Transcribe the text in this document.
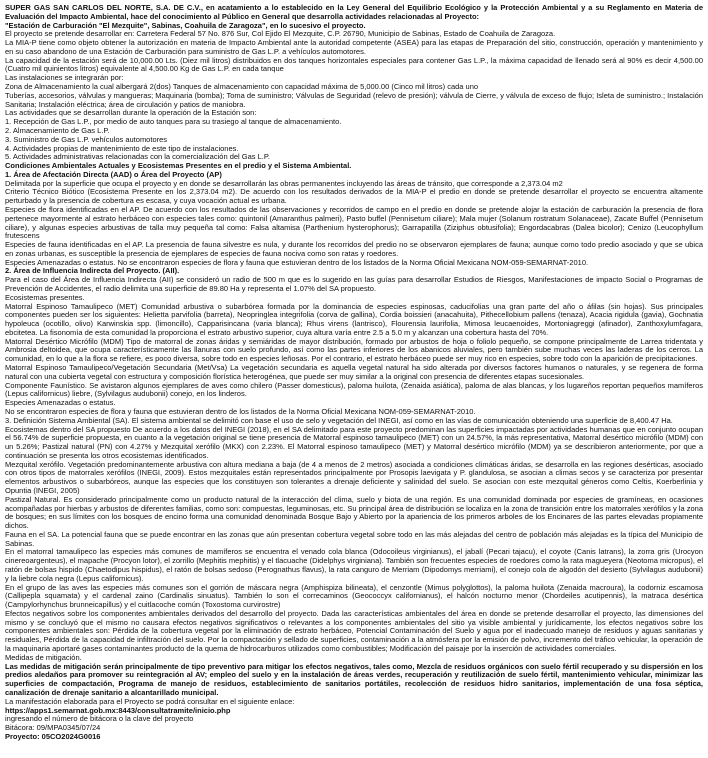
SUPER GAS SAN CARLOS DEL NORTE, S.A. DE C.V., en acatamiento a lo establecido en la Ley General del Equilibrio Ecológico y la Protección Ambiental y a su Reglamento en Materia de Evaluación del Impacto Ambiental, hace del conocimiento al Público en General que desarrolla actividades relacionadas al Proyecto:

"Estación de Carburación "El Mezquite", Sabinas, Coahuila de Zaragoza", en lo sucesivo el proyecto.

El proyecto se pretende desarrollar en: Carretera Federal 57 No. 876 Sur, Col Ejido El Mezquite, C.P. 26790, Municipio de Sabinas, Estado de Coahuila de Zaragoza.

La MIA-P tiene como objeto obtener la autorización en materia de Impacto Ambiental ante la autoridad competente (ASEA) para las etapas de Preparación del sitio, construcción, operación y mantenimiento y en su caso abandono de una Estación de Carburación para suministro de Gas L.P. a vehículos automotores.

La capacidad de la estación será de 10,000.00 Lts. (Diez mil litros) distribuidos en dos tanques horizontales especiales para contener Gas L.P., la máxima capacidad de llenado será al 90% es decir 4,500.00 (Cuatro mil quinientos litros) equivalente al 4,500.00 Kg de Gas L.P. en cada tanque

Las instalaciones se integrarán por:

Zona de Almacenamiento la cual albergará 2(dos) Tanques de almacenamiento con capacidad máxima de 5,000.00 (Cinco mil litros) cada uno

Tuberías, accesorios, válvulas y mangueras; Maquinaria (bomba); Toma de suministro; Válvulas de Seguridad (relevo de presión); válvula de Cierre, y válvula de exceso de flujo; Isleta de suministro.; Instalación Sanitaria; Instalación eléctrica; área de circulación y patios de maniobra.

Las actividades que se desarrollan durante la operación de la Estación son:

1. Recepción de Gas L.P., por medio de auto tanques para su trasiego al tanque de almacenamiento.

2. Almacenamiento de Gas L.P.

3. Suministro de Gas L.P. vehículos automotores

4. Actividades propias de mantenimiento de este tipo de instalaciones.

5. Actividades administrativas relacionadas con la comercialización del Gas L.P.

Condiciones Ambientales Actuales y Ecosistemas Presentes en el predio y el Sistema Ambiental.

1. Área de Afectación Directa (AAD) o Área del Proyecto (AP)

Delimitada por la superficie que ocupa el proyecto y en donde se desarrollarán las obras permanentes incluyendo las áreas de tránsito, que corresponde a 2,373.04 m2

Criterio Técnico Biótico (Ecosistema Presente en los 2,373.04 m2). De acuerdo con los resultados derivados de la MIA-P el predio en donde se pretende desarrollar el proyecto se encuentra altamente perturbado y la presencia de cobertura es escasa, y cuya vocación actual es urbana.

Especies de flora identificadas en el AP. De acuerdo con los resultados de las observaciones y recorridos de campo en el predio en donde se pretende alojar la estación de carburación la presencia de flora pertenece mayormente al estrato herbáceo con especies tales como: quintonil (Amaranthus palmeri), Pasto buffel (Pennisetum ciliare); Mala mujer (Solanum rostratum Solanaceae), Zacate Buffel (Pennisetum ciliare), y algunas especies arbustivas de talla muy pequeña tal como: Falsa altamisa (Parthenium hysterophorus); Garrapatilla (Ziziphus obtusifolia); Engordacabras (Dalea bicolor); Cenizo (Leucophyllum frutescens

Especies de fauna identificadas en el AP. La presencia de fauna silvestre es nula, y durante los recorridos del predio no se observaron ejemplares de fauna; aunque como todo predio asociado y que se ubica en zonas urbanas, es susceptible la presencia de ejemplares de especies de fauna nociva como son ratas y roedores.

Especies Amenazadas o estatus. No se encontraron especies de flora y fauna que estuvieran dentro de los listados de la Norma Oficial Mexicana NOM-059-SEMARNAT-2010.

2. Área de Influencia Indirecta del Proyecto. (AII).

Para el caso del Área de Influencia Indirecta (AII) se consideró un radio de 500 m que es lo sugerido en las guías para desarrollar Estudios de Riesgos, Manifestaciones de impacto Social o Programas de Prevención de Accidentes, el radio delimita una superficie de 89.80 Ha y representa el 1.07% del SA propuesto.

Ecosistemas presentes.

Matorral Espinoso Tamaulipeco (MET) Comunidad arbustiva o subarbórea formada por la dominancia de especies espinosas, caducifolias una gran parte del año o áfilas (sin hojas). Sus principales componentes pueden ser los siguientes: Helietta parvifolia (barreta), Neopringlea integrifolia (corva de gallina), Cordia boissieri (anacahuita), Pithecellobium pallens (tenaza), Acacia rigidula (gavia), Gochnatia hypoleuca (ocotillo, olivo) Karwinskia spp. (limoncillo), Capparisincana (varia blanca); Rhus virens (lantrisco), Flourensia laurifolia, Mimosa leucaenoides, Mortoniagreggi (afinador), Zanthoxylumfagara, ebcitetea. La fisonomía de esta comunidad la proporciona el estrato arbustivo superior, cuya altura varía entre 2.5 a 5.0 m y alcanzan una cobertura hasta del 70%.

Matorral Desértico Micrófilo (MDM) Tipo de matorral de zonas áridas y semiáridas de mayor distribución, formado por arbustos de hoja o foliolo pequeño, se compone principalmente de Larrea tridentata y Ambrosia deltoidea, que ocupa característicamente las llanuras con suelo profundo, así como las partes inferiores de los abanicos aluviales, pero también sube muchas veces las laderas de los cerros. La comunidad, en lo que a la flora se refiere, es poco diversa, sobre todo en especies leñosas. Por el contrario, el estrato herbáceo puede ser muy rico en especies, sobre todo con la aparición de precipitaciones.

Matorral Espinoso Tamaulipeco/Vegetación Secundaria (Met/Vsa) La vegetación secundaria es aquella vegetal natural ha sido alterada por diversos factores humanos o naturales, y se regenera de forma natural con una cubierta vegetal con estructura y composición florística heterogénea, que puede ser muy similar a la original con presencia de diferentes etapas sucesionales.

Componente Faunístico. Se avistaron algunos ejemplares de aves como chilero (Passer domesticus), paloma huilota, (Zenaida asiática), paloma de alas blancas, y los lugareños reportan pequeños mamíferos (Lepus californicus) liebre, (Sylvilagus audubonii) conejo, en los linderos.

Especies Amenazadas o estatus.

No se encontraron especies de flora y fauna que estuvieran dentro de los listados de la Norma Oficial Mexicana NOM-059-SEMARNAT-2010.

3. Definición Sistema Ambiental (SA). El sistema ambiental se delimitó con base el uso de selo y vegetación del INEGI, así como en las vías de comunicación obteniendo una superficie de 8,400.47 Ha.

Ecosistemas dentro del SA propuesto De acuerdo a los datos del INEGI (2018), en el SA delimitado para este proyecto predominan las superficies impactadas por actividades humanas que en conjunto ocupan el 56.74% de superficie propuesta, en cuanto a la vegetación original se tiene presencia de Matorral espinoso tamaulipeco (MET) con un 24.57%, la más representativa, Matorral desértico micrófilo (MDM) con un 5.26%; Pastizal natural (PN) con 4.27% y Mezquital xerófilo (MKX) con 2.23%. El Matorral espinoso tamaulipeco (MET) y Matorral desértico micrófilo (MDM) ya se describieron anteriormente, por que a continuación se presenta los otros ecosistemas identificados.

Mezquital xerófilo. Vegetación predominantemente arbustiva con altura mediana a baja (de 4 a menos de 2 metros) asociada a condiciones climáticas áridas, se desarrolla en las regiones desérticas, asociado con otros tipos de matorrales xerófilos (INEGI, 2009). Estos mezquitales están representados principalmente por Prosopis laevigata y P. glandulosa, se asocian a climas secos y se caracteriza por presentar elementos arbustivos o subarbóreos, aunque las especies que los constituyen son tolerantes a drenaje deficiente y salinidad del suelo. Se asocian con este mezquital géneros como Celtis, Koerberlinia y Opuntia (INEGI, 2005)

Pastizal Natural. Es considerado principalmente como un producto natural de la interacción del clima, suelo y biota de una región. Es una comunidad dominada por especies de gramíneas, en ocasiones acompañadas por hierbas y arbustos de diferentes familias, como son: compuestas, leguminosas, etc. Su principal área de distribución se localiza en la zona de transición entre los matorrales xerófilos y la zona de bosques; en sus límites con los bosques de encino forma una comunidad denominada Bosque Bajo y Abierto por la apariencia de los primeros arboles de los Encinares de las partes elevadas propiamente dichos.

Fauna en el SA. La potencial fauna que se puede encontrar en las zonas que aún presentan cobertura vegetal sobre todo en las más alejadas del centro de población más alejadas es la típica del Municipio de Sabinas.

En el matorral tamaulipeco las especies más comunes de mamíferos se encuentra el venado cola blanca (Odocoileus virginianus), el jabalí (Pecari tajacu), el coyote (Canis latrans), la zorra gris (Urocyon cinereoargenteus), el mapache (Procyon lotor), el zorrillo (Mephitis mephitis) y el tlacuache (Didelphys virginiana). También son frecuentes especies de roedores como la rata magueyera (Neotoma micropus), el ratón de bolsas hispido (Chaetodipus hispidus), el ratón de bolsas sedoso (Perognathus flavus), la rata canguro de Merriam (Dipodomys merriami), el conejo cola de algodón del desierto (Sylvilagus audubonii) y la liebre cola negra (Lepus californicus).

En el grupo de las aves las especies más comunes son el gorrión de máscara negra (Amphispiza bilineata), el cenzontle (Mimus polyglottos), la paloma huilota (Zenaida macroura), la codorniz escamosa (Callipepla squamata) y el cardenal zaino (Cardinalis sinuatus). También lo son el correcaminos (Geococcyx californianus), el halcón nocturno menor (Chordeiles acutipennis), la matraca desértica (Campylorhynchus brunneicapillus) y el cuitlacoche común (Toxostoma curvirostre)

Efectos negativos sobre los componentes ambientales derivados del desarrollo del proyecto. Dada las características ambientales del área en donde se pretende desarrollar el proyecto, las dimensiones del mismo y se concluyó que el mismo no causara efectos negativos significativos o relevantes a los componentes ambientales del sitio ya visible ambiental y jurídicamente, los efectos negativos sobre los componentes ambientales son: Pérdida de la cobertura vegetal por la eliminación de estrato herbáceo, Potencial Contaminación del Suelo y agua por el inadecuado manejo de residuos y aguas sanitarias y residuales, Pérdida de la capacidad de infiltración del suelo. Por la compactación y sellado de superficies, contaminación a la atmósfera por la emisión de polvo, incremento del tráfico vehicular, la operación de la maquinaria aportaré gases contaminantes producto de la quema de hidrocarburos utilizados como combustibles; Modificación del paisaje por la inserción de actividades comerciales.

Medidas de mitigación.

Las medidas de mitigación serán principalmente de tipo preventivo para mitigar los efectos negativos, tales como, Mezcla de residuos orgánicos con suelo fértil recuperado y su dispersión en los predios aledaños para promover su reintegración al AV; empleo del suelo y en la instalación de áreas verdes, recuperación y reutilización de suelo fértil, mantenimiento vehicular, minimizar las superficies de compactación, Programa de manejo de residuos, establecimiento de sanitarios portátiles, recolección de residuos hidro sanitarios, implementación de una fosa séptica, canalización de drenaje sanitario a alcantarillado municipal.

La manifestación elaborada para el Proyecto se podrá consultar en el siguiente enlace:

https://apps1.semarnat.gob.mx:8443/consultatramite/inicio.php

ingresando el número de bitácora o la clave del proyecto

Bitácora: 09/MPA0345/07/24

Proyecto: 05CO2024G0016
